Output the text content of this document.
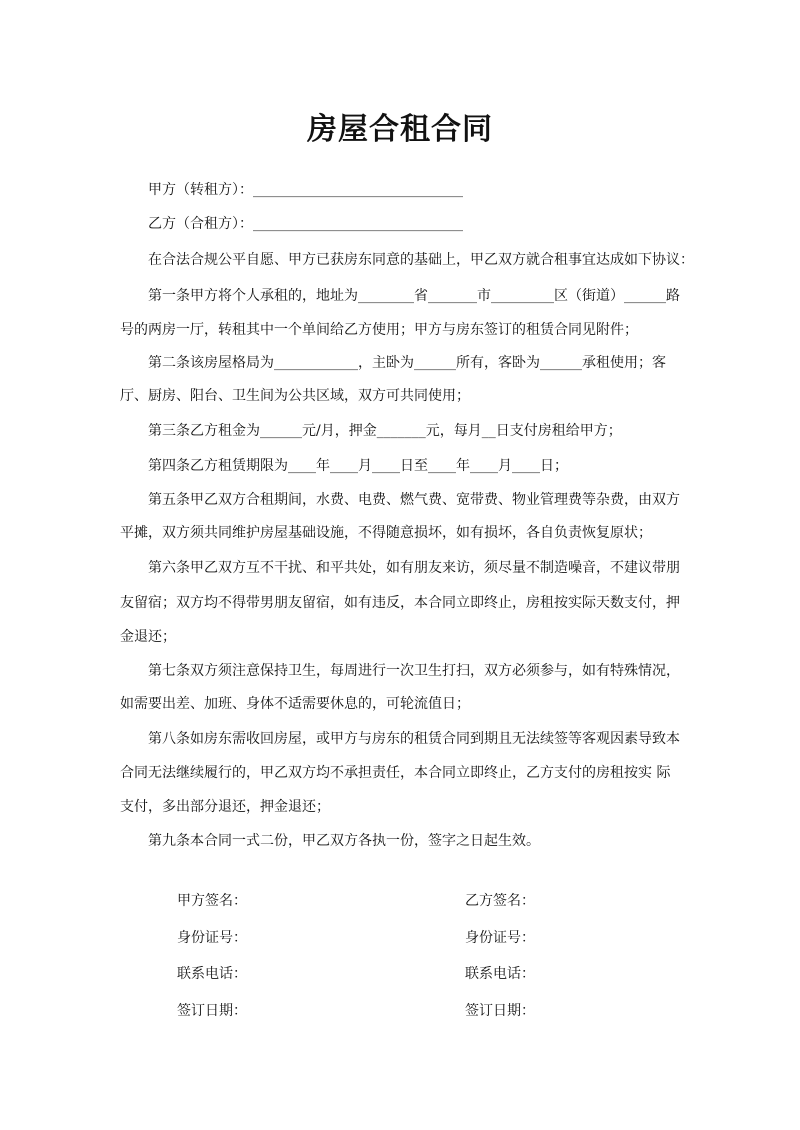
房屋合租合同
甲方（转租方）：______________________________
乙方（合租方）：______________________________
在合法合规公平自愿、甲方已获房东同意的基础上，甲乙双方就合租事宜达成如下协议：
第一条甲方将个人承租的，地址为________省_______市_________区（街道）______路
号的两房一厅，转租其中一个单间给乙方使用；甲方与房东签订的租赁合同见附件；
第二条该房屋格局为____________，主卧为______所有，客卧为______承租使用；客
厅、厨房、阳台、卫生间为公共区域，双方可共同使用；
第三条乙方租金为______元/月，押金_______元，每月__日支付房租给甲方；
第四条乙方租赁期限为____年____月____日至____年____月____日；
第五条甲乙双方合租期间，水费、电费、燃气费、宽带费、物业管理费等杂费，由双方
平摊，双方须共同维护房屋基础设施，不得随意损坏，如有损坏，各自负责恢复原状；
第六条甲乙双方互不干扰、和平共处，如有朋友来访，须尽量不制造噪音，不建议带朋
友留宿；双方均不得带男朋友留宿，如有违反，本合同立即终止，房租按实际天数支付，押
金退还；
第七条双方须注意保持卫生，每周进行一次卫生打扫，双方必须参与，如有特殊情况，
如需要出差、加班、身体不适需要休息的，可轮流值日；
第八条如房东需收回房屋，或甲方与房东的租赁合同到期且无法续签等客观因素导致本
合同无法继续履行的，甲乙双方均不承担责任，本合同立即终止，乙方支付的房租按实 际
支付，多出部分退还，押金退还；
第九条本合同一式二份，甲乙双方各执一份，签字之日起生效。
甲方签名：	乙方签名：
身份证号：	身份证号：
联系电话：	联系电话：
签订日期：	签订日期：
